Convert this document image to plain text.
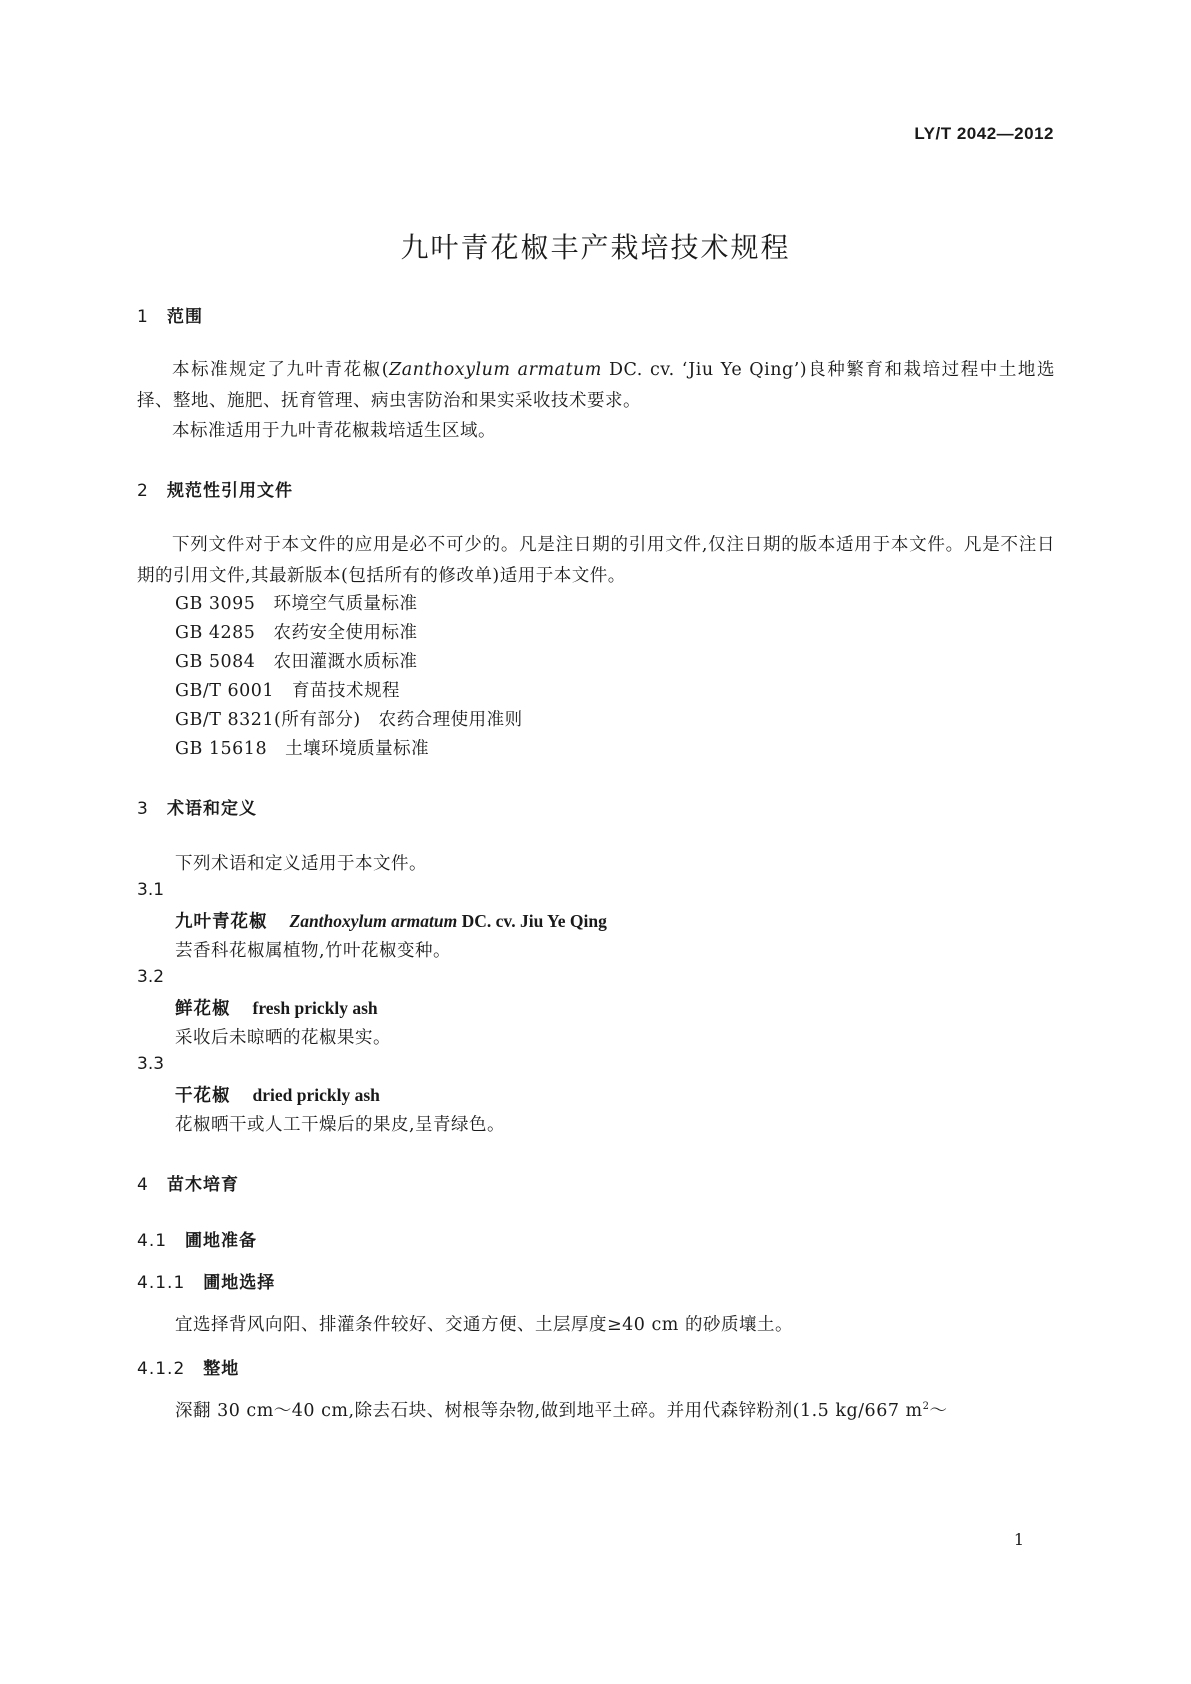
LY/T 2042—2012
九叶青花椒丰产栽培技术规程
1 范围
本标准规定了九叶青花椒(Zanthoxylum armatum DC. cv. ‘Jiu Ye Qing’)良种繁育和栽培过程中土地选择、整地、施肥、抚育管理、病虫害防治和果实采收技术要求。
本标准适用于九叶青花椒栽培适生区域。
2 规范性引用文件
下列文件对于本文件的应用是必不可少的。凡是注日期的引用文件,仅注日期的版本适用于本文件。凡是不注日期的引用文件,其最新版本(包括所有的修改单)适用于本文件。
GB 3095　环境空气质量标准
GB 4285　农药安全使用标准
GB 5084　农田灌溉水质标准
GB/T 6001　育苗技术规程
GB/T 8321(所有部分)　农药合理使用准则
GB 15618　土壤环境质量标准
3 术语和定义
下列术语和定义适用于本文件。
3.1
九叶青花椒 Zanthoxylum armatum DC. cv. Jiu Ye Qing
芸香科花椒属植物,竹叶花椒变种。
3.2
鲜花椒 fresh prickly ash
采收后未晾晒的花椒果实。
3.3
干花椒 dried prickly ash
花椒晒干或人工干燥后的果皮,呈青绿色。
4 苗木培育
4.1 圃地准备
4.1.1 圃地选择
宜选择背风向阳、排灌条件较好、交通方便、土层厚度≥40 cm 的砂质壤土。
4.1.2 整地
深翻 30 cm～40 cm,除去石块、树根等杂物,做到地平土碎。并用代森锌粉剂(1.5 kg/667 $m^2\sim$
1
